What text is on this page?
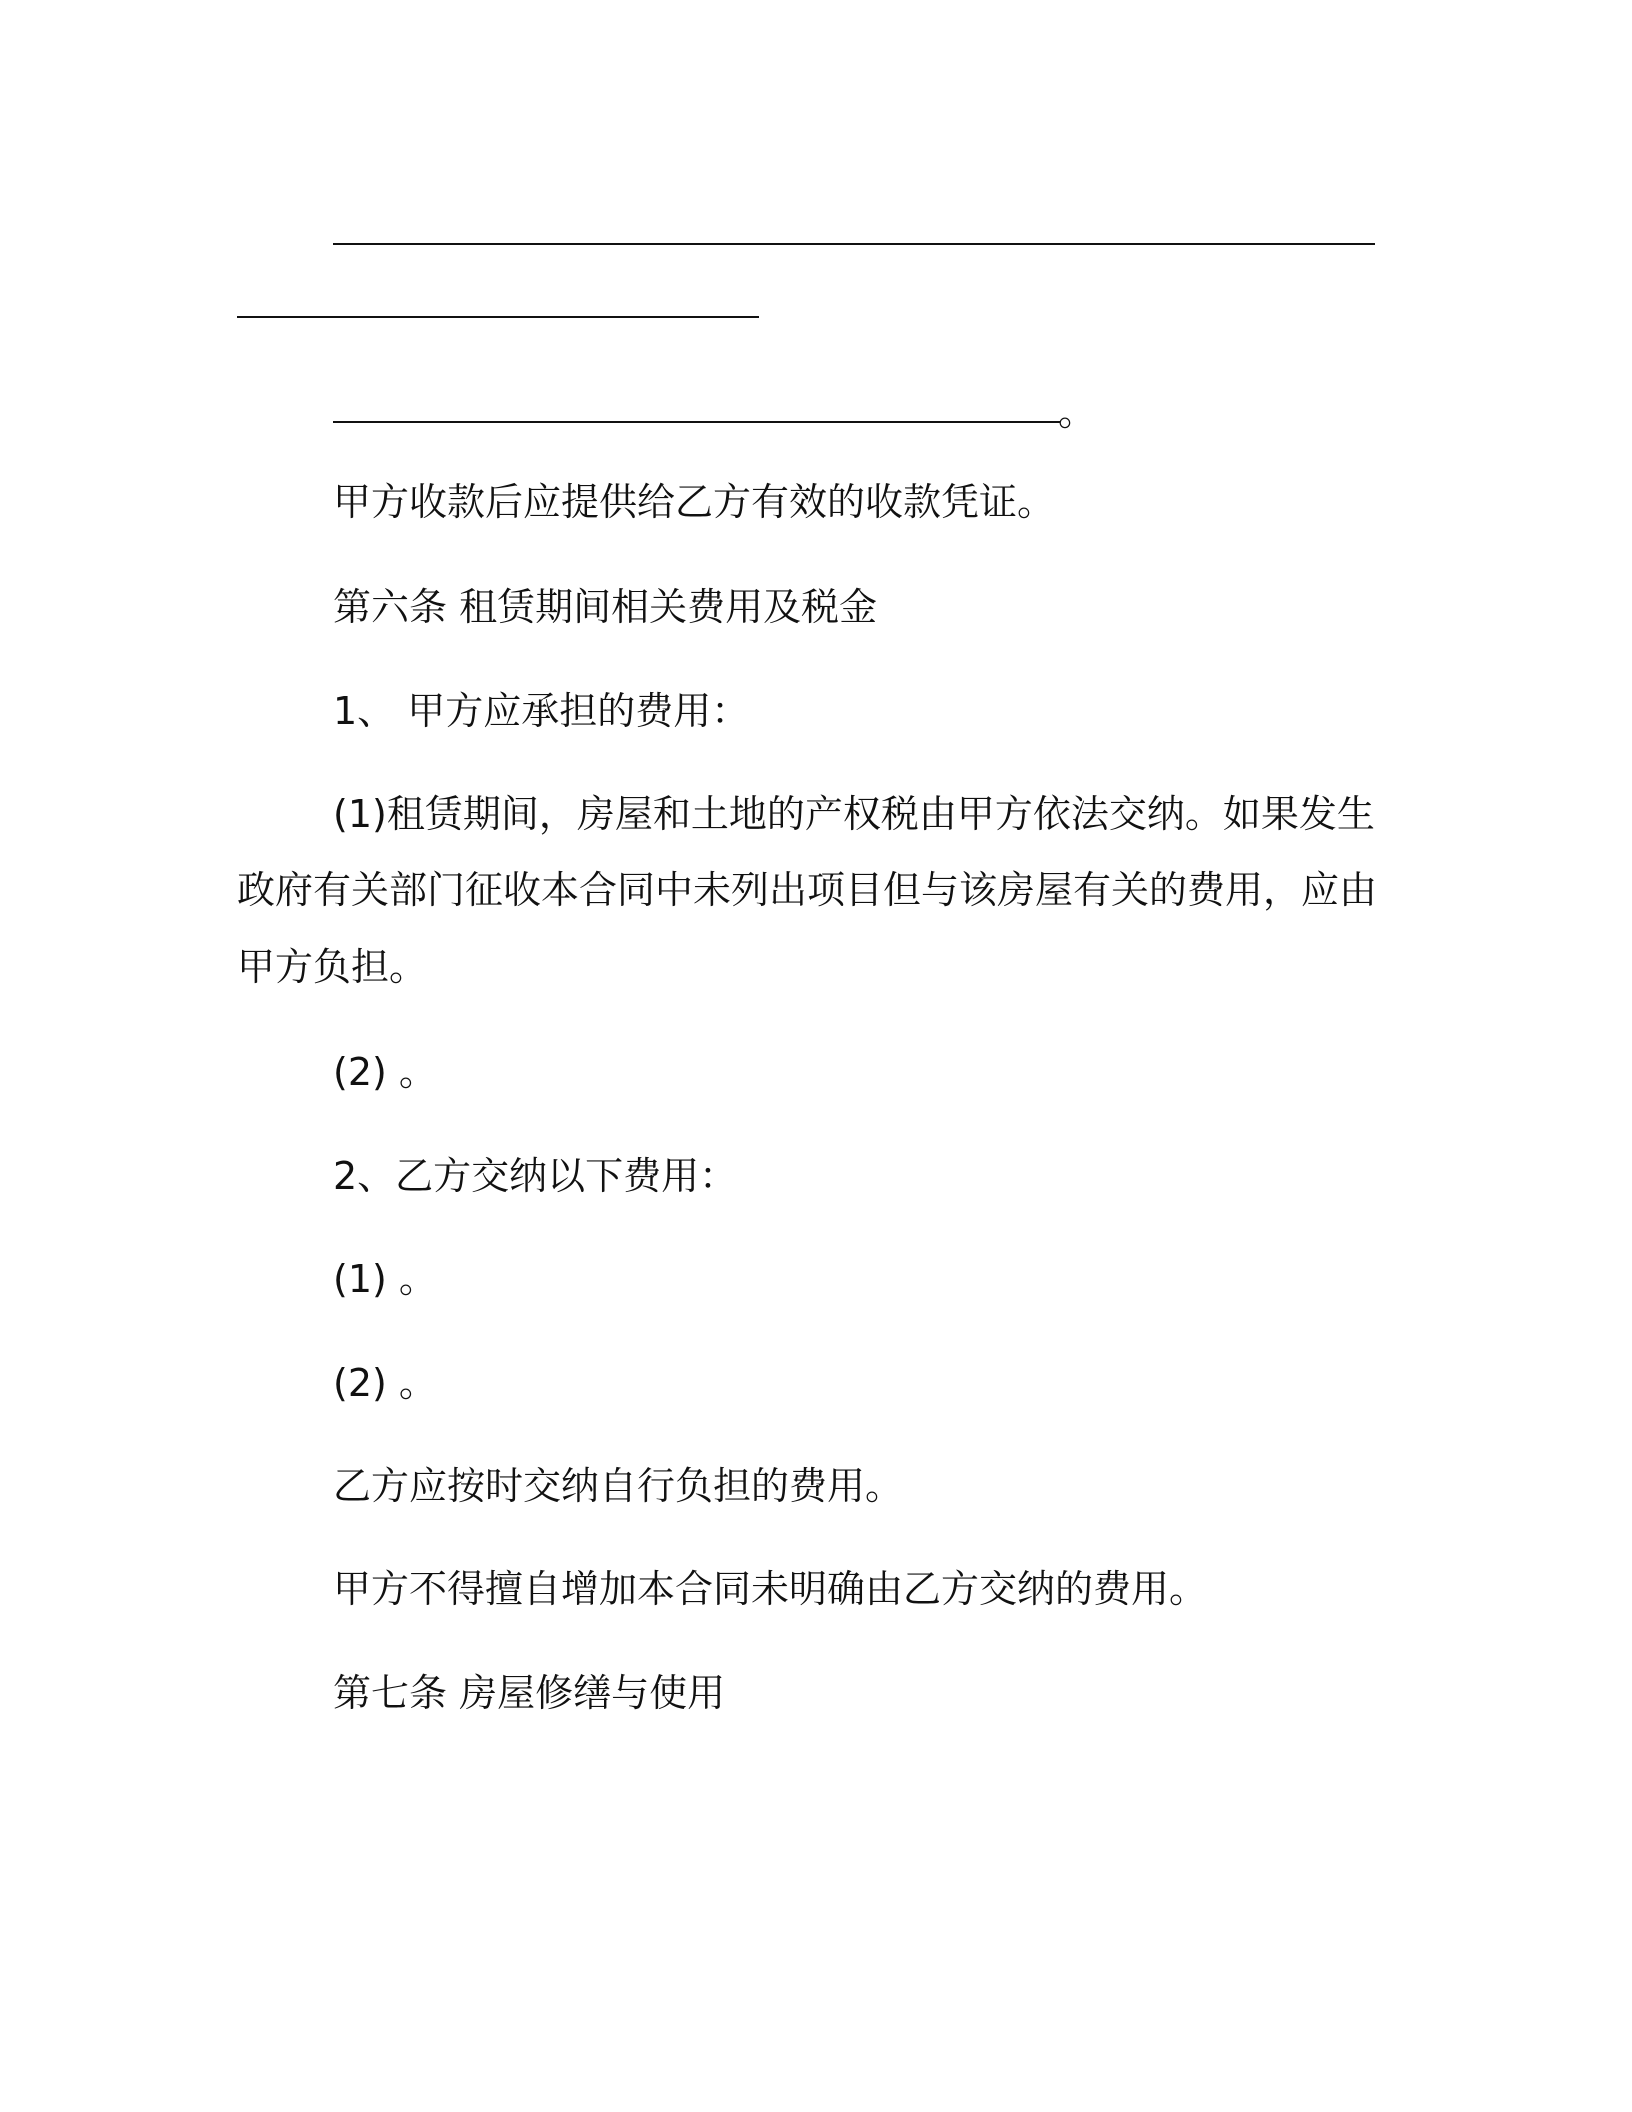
。
甲方收款后应提供给乙方有效的收款凭证。
第六条 租赁期间相关费用及税金
1、 甲方应承担的费用：
(1)租赁期间，房屋和土地的产权税由甲方依法交纳。如果发生
政府有关部门征收本合同中未列出项目但与该房屋有关的费用，应由
甲方负担。
(2) 。
2、乙方交纳以下费用：
(1) 。
(2) 。
乙方应按时交纳自行负担的费用。
甲方不得擅自增加本合同未明确由乙方交纳的费用。
第七条 房屋修缮与使用
